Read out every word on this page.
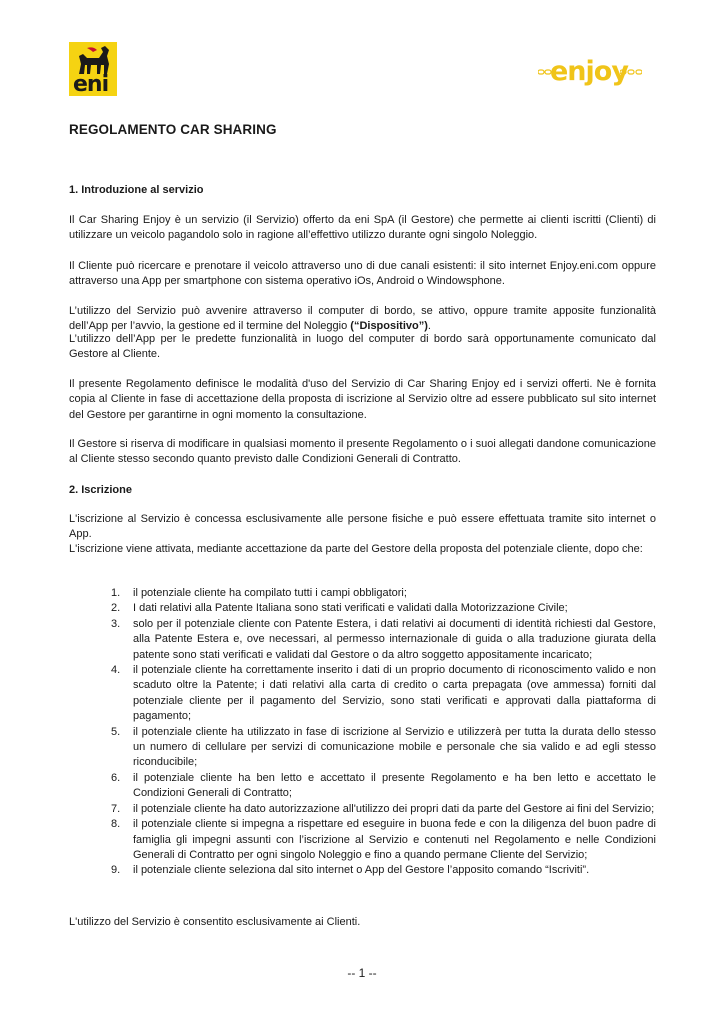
eni	enjoy
REGOLAMENTO CAR SHARING
1. Introduzione al servizio
Il Car Sharing Enjoy è un servizio (il Servizio) offerto da eni SpA (il Gestore) che permette ai clienti iscritti (Clienti) di utilizzare un veicolo pagandolo solo in ragione all’effettivo utilizzo durante ogni singolo Noleggio.
Il Cliente può ricercare e prenotare il veicolo attraverso uno di due canali esistenti: il sito internet Enjoy.eni.com oppure attraverso una App per smartphone con sistema operativo iOs, Android o Windowsphone.
L’utilizzo del Servizio può avvenire attraverso il computer di bordo, se attivo, oppure tramite apposite funzionalità dell’App per l’avvio, la gestione ed il termine del Noleggio (“Dispositivo”).
L’utilizzo dell’App per le predette funzionalità in luogo del computer di bordo sarà opportunamente comunicato dal Gestore al Cliente.
Il presente Regolamento definisce le modalità d'uso del Servizio di Car Sharing Enjoy ed i servizi offerti. Ne è fornita copia al Cliente in fase di accettazione della proposta di iscrizione al Servizio oltre ad essere pubblicato sul sito internet del Gestore per garantirne in ogni momento la consultazione.
Il Gestore si riserva di modificare in qualsiasi momento il presente Regolamento o i suoi allegati dandone comunicazione al Cliente stesso secondo quanto previsto dalle Condizioni Generali di Contratto.
2. Iscrizione
L'iscrizione al Servizio è concessa esclusivamente alle persone fisiche e può essere effettuata tramite sito internet o App.
L'iscrizione viene attivata, mediante accettazione da parte del Gestore della proposta del potenziale cliente, dopo che:
1. il potenziale cliente ha compilato tutti i campi obbligatori;
2. I dati relativi alla Patente Italiana sono stati verificati e validati dalla Motorizzazione Civile;
3. solo per il potenziale cliente con Patente Estera, i dati relativi ai documenti di identità richiesti dal Gestore, alla Patente Estera e, ove necessari, al permesso internazionale di guida o alla traduzione giurata della patente sono stati verificati e validati dal Gestore o da altro soggetto appositamente incaricato;
4. il potenziale cliente ha correttamente inserito i dati di un proprio documento di riconoscimento valido e non scaduto oltre la Patente; i dati relativi alla carta di credito o carta prepagata (ove ammessa) forniti dal potenziale cliente per il pagamento del Servizio, sono stati verificati e approvati dalla piattaforma di pagamento;
5. il potenziale cliente ha utilizzato in fase di iscrizione al Servizio e utilizzerà per tutta la durata dello stesso un numero di cellulare per servizi di comunicazione mobile e personale che sia valido e ad egli stesso riconducibile;
6. il potenziale cliente ha ben letto e accettato il presente Regolamento e ha ben letto e accettato le Condizioni Generali di Contratto;
7. il potenziale cliente ha dato autorizzazione all'utilizzo dei propri dati da parte del Gestore ai fini del Servizio;
8. il potenziale cliente si impegna a rispettare ed eseguire in buona fede e con la diligenza del buon padre di famiglia gli impegni assunti con l’iscrizione al Servizio e contenuti nel Regolamento e nelle Condizioni Generali di Contratto per ogni singolo Noleggio e fino a quando permane Cliente del Servizio;
9. il potenziale cliente seleziona dal sito internet o App del Gestore l’apposito comando “Iscriviti”.
L'utilizzo del Servizio è consentito esclusivamente ai Clienti.
-- 1 --
